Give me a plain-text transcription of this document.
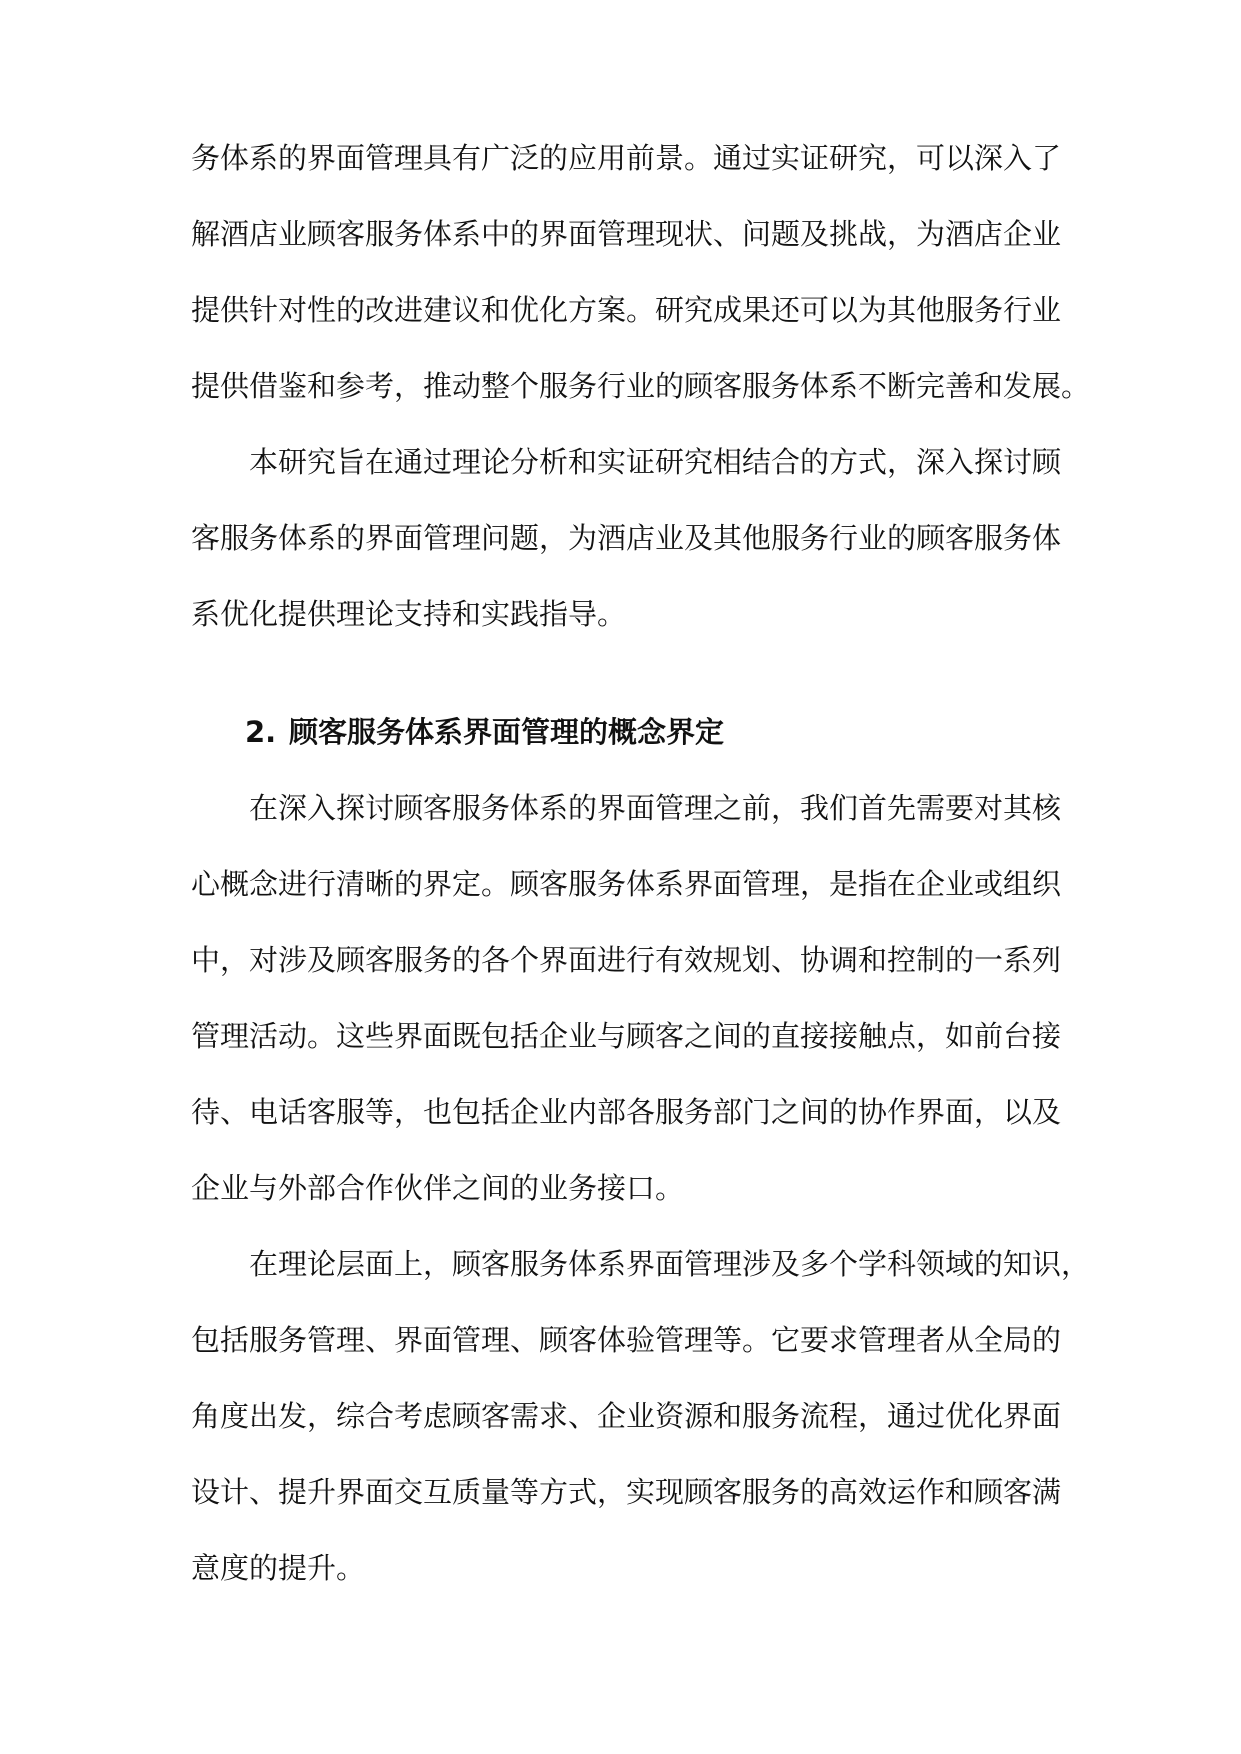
务体系的界面管理具有广泛的应用前景。通过实证研究，可以深入了
解酒店业顾客服务体系中的界面管理现状、问题及挑战，为酒店企业
提供针对性的改进建议和优化方案。研究成果还可以为其他服务行业
提供借鉴和参考，推动整个服务行业的顾客服务体系不断完善和发展。
本研究旨在通过理论分析和实证研究相结合的方式，深入探讨顾
客服务体系的界面管理问题，为酒店业及其他服务行业的顾客服务体
系优化提供理论支持和实践指导。
2. 顾客服务体系界面管理的概念界定
在深入探讨顾客服务体系的界面管理之前，我们首先需要对其核
心概念进行清晰的界定。顾客服务体系界面管理，是指在企业或组织
中，对涉及顾客服务的各个界面进行有效规划、协调和控制的一系列
管理活动。这些界面既包括企业与顾客之间的直接接触点，如前台接
待、电话客服等，也包括企业内部各服务部门之间的协作界面，以及
企业与外部合作伙伴之间的业务接口。
在理论层面上，顾客服务体系界面管理涉及多个学科领域的知识，
包括服务管理、界面管理、顾客体验管理等。它要求管理者从全局的
角度出发，综合考虑顾客需求、企业资源和服务流程，通过优化界面
设计、提升界面交互质量等方式，实现顾客服务的高效运作和顾客满
意度的提升。
